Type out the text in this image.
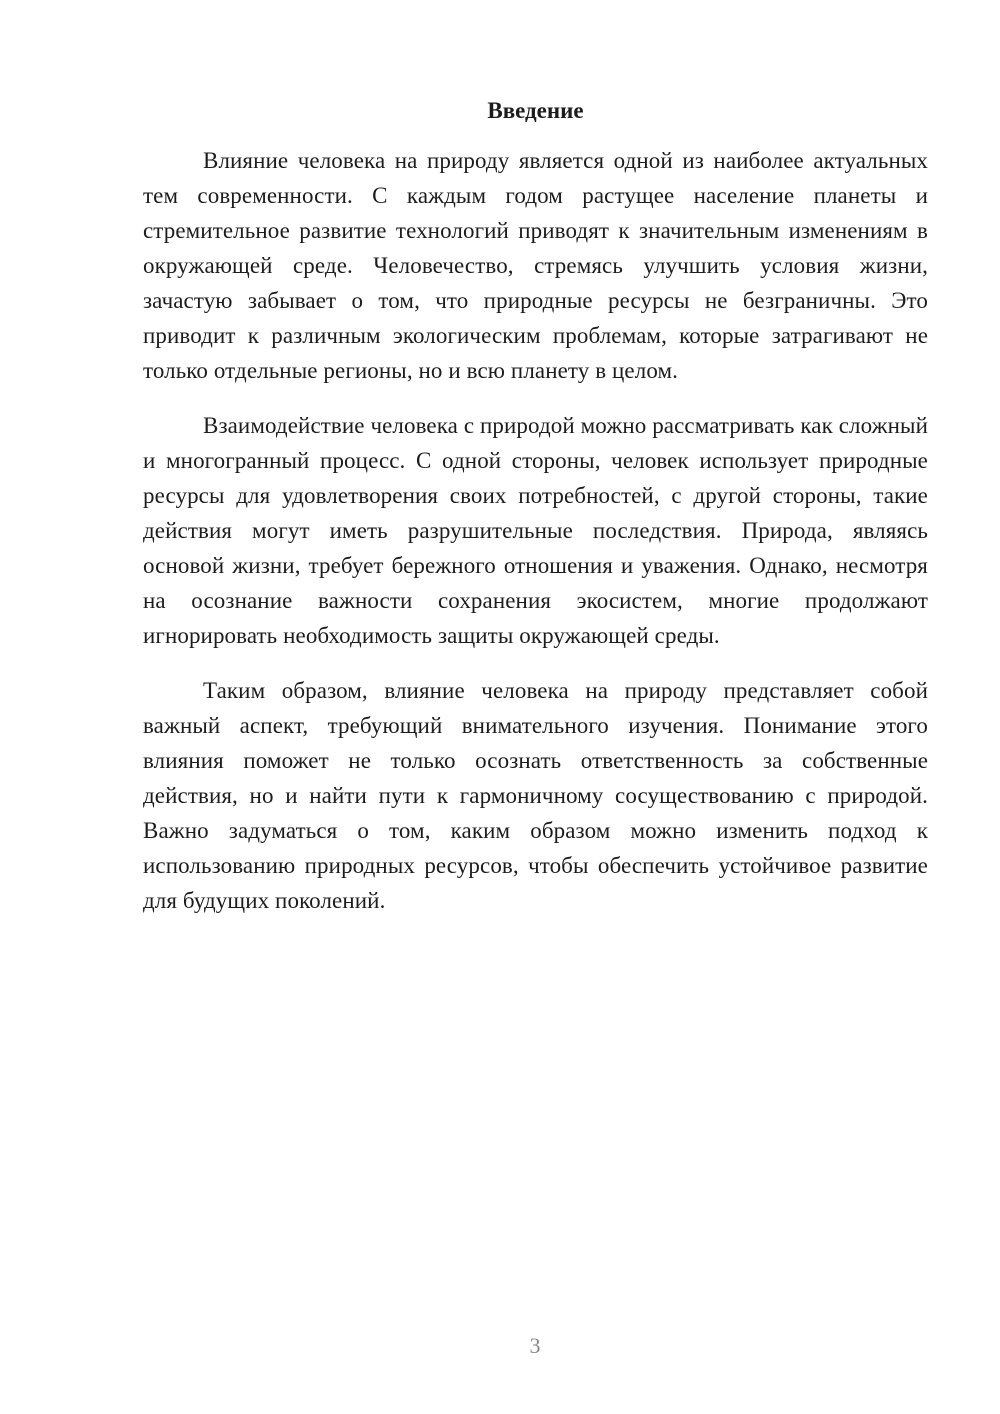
Введение

Влияние человека на природу является одной из наиболее актуальных тем современности. С каждым годом растущее население планеты и стремительное развитие технологий приводят к значительным изменениям в окружающей среде. Человечество, стремясь улучшить условия жизни, зачастую забывает о том, что природные ресурсы не безграничны. Это приводит к различным экологическим проблемам, которые затрагивают не только отдельные регионы, но и всю планету в целом.

Взаимодействие человека с природой можно рассматривать как сложный и многогранный процесс. С одной стороны, человек использует природные ресурсы для удовлетворения своих потребностей, с другой стороны, такие действия могут иметь разрушительные последствия. Природа, являясь основой жизни, требует бережного отношения и уважения. Однако, несмотря на осознание важности сохранения экосистем, многие продолжают игнорировать необходимость защиты окружающей среды.

Таким образом, влияние человека на природу представляет собой важный аспект, требующий внимательного изучения. Понимание этого влияния поможет не только осознать ответственность за собственные действия, но и найти пути к гармоничному сосуществованию с природой. Важно задуматься о том, каким образом можно изменить подход к использованию природных ресурсов, чтобы обеспечить устойчивое развитие для будущих поколений.

3
